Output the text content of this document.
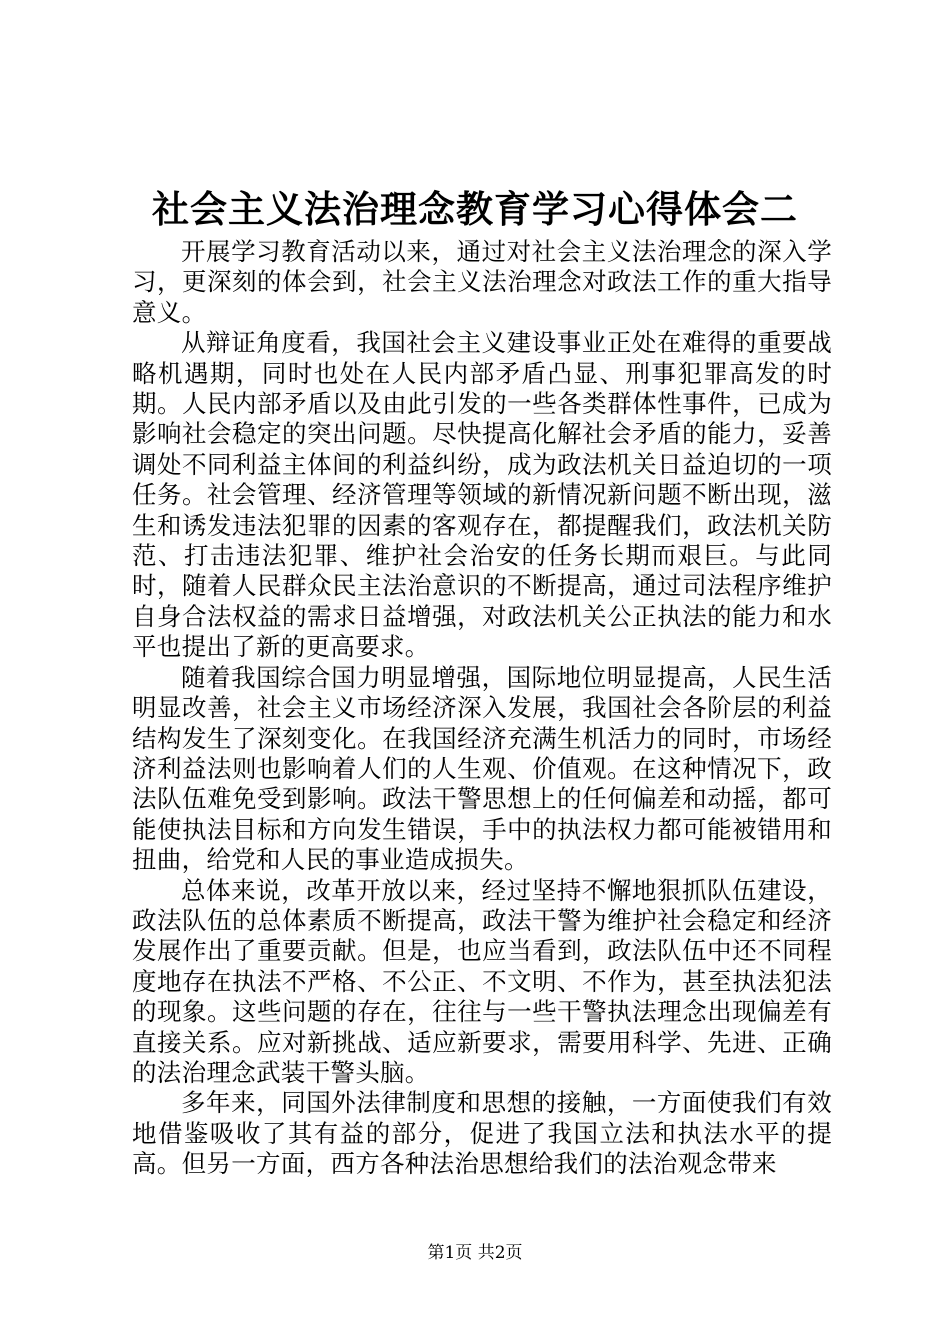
社会主义法治理念教育学习心得体会二

开展学习教育活动以来，通过对社会主义法治理念的深入学习，更深刻的体会到，社会主义法治理念对政法工作的重大指导意义。

从辩证角度看，我国社会主义建设事业正处在难得的重要战略机遇期，同时也处在人民内部矛盾凸显、刑事犯罪高发的时期。人民内部矛盾以及由此引发的一些各类群体性事件，已成为影响社会稳定的突出问题。尽快提高化解社会矛盾的能力，妥善调处不同利益主体间的利益纠纷，成为政法机关日益迫切的一项任务。社会管理、经济管理等领域的新情况新问题不断出现，滋生和诱发违法犯罪的因素的客观存在，都提醒我们，政法机关防范、打击违法犯罪、维护社会治安的任务长期而艰巨。与此同时，随着人民群众民主法治意识的不断提高，通过司法程序维护自身合法权益的需求日益增强，对政法机关公正执法的能力和水平也提出了新的更高要求。

随着我国综合国力明显增强，国际地位明显提高，人民生活明显改善，社会主义市场经济深入发展，我国社会各阶层的利益结构发生了深刻变化。在我国经济充满生机活力的同时，市场经济利益法则也影响着人们的人生观、价值观。在这种情况下，政法队伍难免受到影响。政法干警思想上的任何偏差和动摇，都可能使执法目标和方向发生错误，手中的执法权力都可能被错用和扭曲，给党和人民的事业造成损失。

总体来说，改革开放以来，经过坚持不懈地狠抓队伍建设，政法队伍的总体素质不断提高，政法干警为维护社会稳定和经济发展作出了重要贡献。但是，也应当看到，政法队伍中还不同程度地存在执法不严格、不公正、不文明、不作为，甚至执法犯法的现象。这些问题的存在，往往与一些干警执法理念出现偏差有直接关系。应对新挑战、适应新要求，需要用科学、先进、正确的法治理念武装干警头脑。

多年来，同国外法律制度和思想的接触，一方面使我们有效地借鉴吸收了其有益的部分，促进了我国立法和执法水平的提高。但另一方面，西方各种法治思想给我们的法治观念带来

第1页 共2页
